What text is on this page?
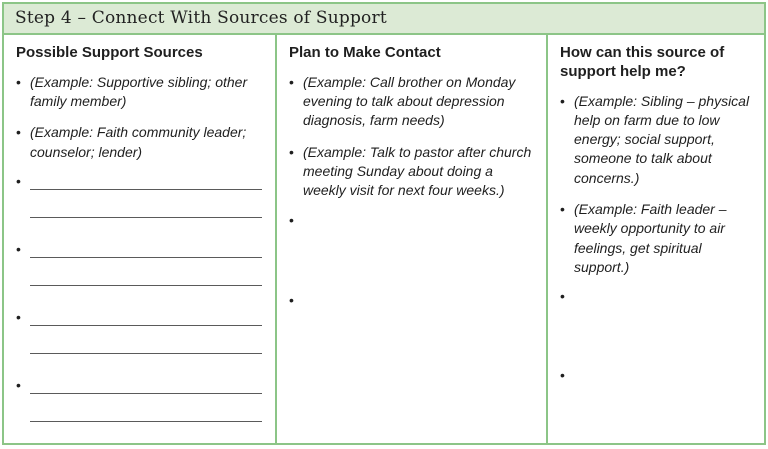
Step 4 – Connect With Sources of Support
Possible Support Sources
• (Example: Supportive sibling; other family member)
• (Example: Faith community leader; counselor; lender)
•
•
•
•
Plan to Make Contact
• (Example: Call brother on Monday evening to talk about depression diagnosis, farm needs)
• (Example: Talk to pastor after church meeting Sunday about doing a weekly visit for next four weeks.)
•
•
How can this source of support help me?
• (Example: Sibling – physical help on farm due to low energy; social support, someone to talk about concerns.)
• (Example: Faith leader – weekly opportunity to air feelings, get spiritual support.)
•
•
